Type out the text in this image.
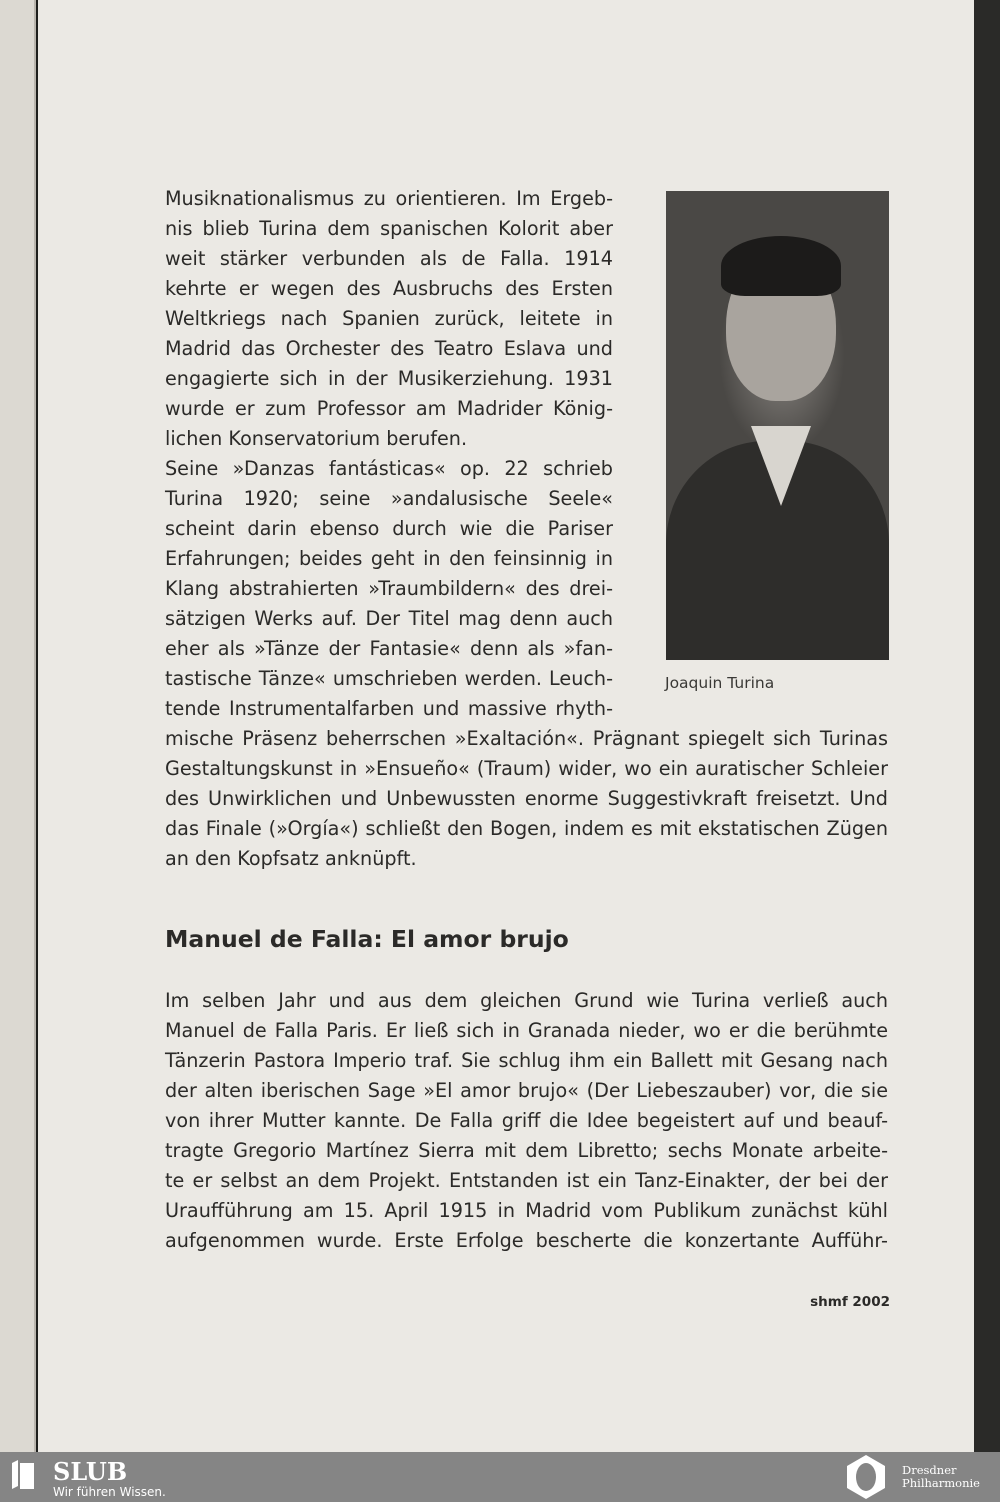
Musiknationalismus zu orientieren. Im Ergeb-
nis blieb Turina dem spanischen Kolorit aber
weit stärker verbunden als de Falla. 1914
kehrte er wegen des Ausbruchs des Ersten
Weltkriegs nach Spanien zurück, leitete in
Madrid das Orchester des Teatro Eslava und
engagierte sich in der Musikerziehung. 1931
wurde er zum Professor am Madrider König-
lichen Konservatorium berufen.
Seine »Danzas fantásticas« op. 22 schrieb
Turina 1920; seine »andalusische Seele«
scheint darin ebenso durch wie die Pariser
Erfahrungen; beides geht in den feinsinnig in
Klang abstrahierten »Traumbildern« des drei-
sätzigen Werks auf. Der Titel mag denn auch
eher als »Tänze der Fantasie« denn als »fan-
tastische Tänze« umschrieben werden. Leuch-
tende Instrumentalfarben und massive rhyth-
mische Präsenz beherrschen »Exaltación«. Prägnant spiegelt sich Turinas
Gestaltungskunst in »Ensueño« (Traum) wider, wo ein auratischer Schleier
des Unwirklichen und Unbewussten enorme Suggestivkraft freisetzt. Und
das Finale (»Orgía«) schließt den Bogen, indem es mit ekstatischen Zügen
an den Kopfsatz anknüpft.
Im selben Jahr und aus dem gleichen Grund wie Turina verließ auch
Manuel de Falla Paris. Er ließ sich in Granada nieder, wo er die berühmte
Tänzerin Pastora Imperio traf. Sie schlug ihm ein Ballett mit Gesang nach
der alten iberischen Sage »El amor brujo« (Der Liebeszauber) vor, die sie
von ihrer Mutter kannte. De Falla griff die Idee begeistert auf und beauf-
tragte Gregorio Martínez Sierra mit dem Libretto; sechs Monate arbeite-
te er selbst an dem Projekt. Entstanden ist ein Tanz-Einakter, der bei der
Uraufführung am 15. April 1915 in Madrid vom Publikum zunächst kühl
aufgenommen wurde. Erste Erfolge bescherte die konzertante Aufführ-
Joaquin Turina
Manuel de Falla: El amor brujo
shmf 2002
SLUB
Wir führen Wissen.
Dresdner
Philharmonie
